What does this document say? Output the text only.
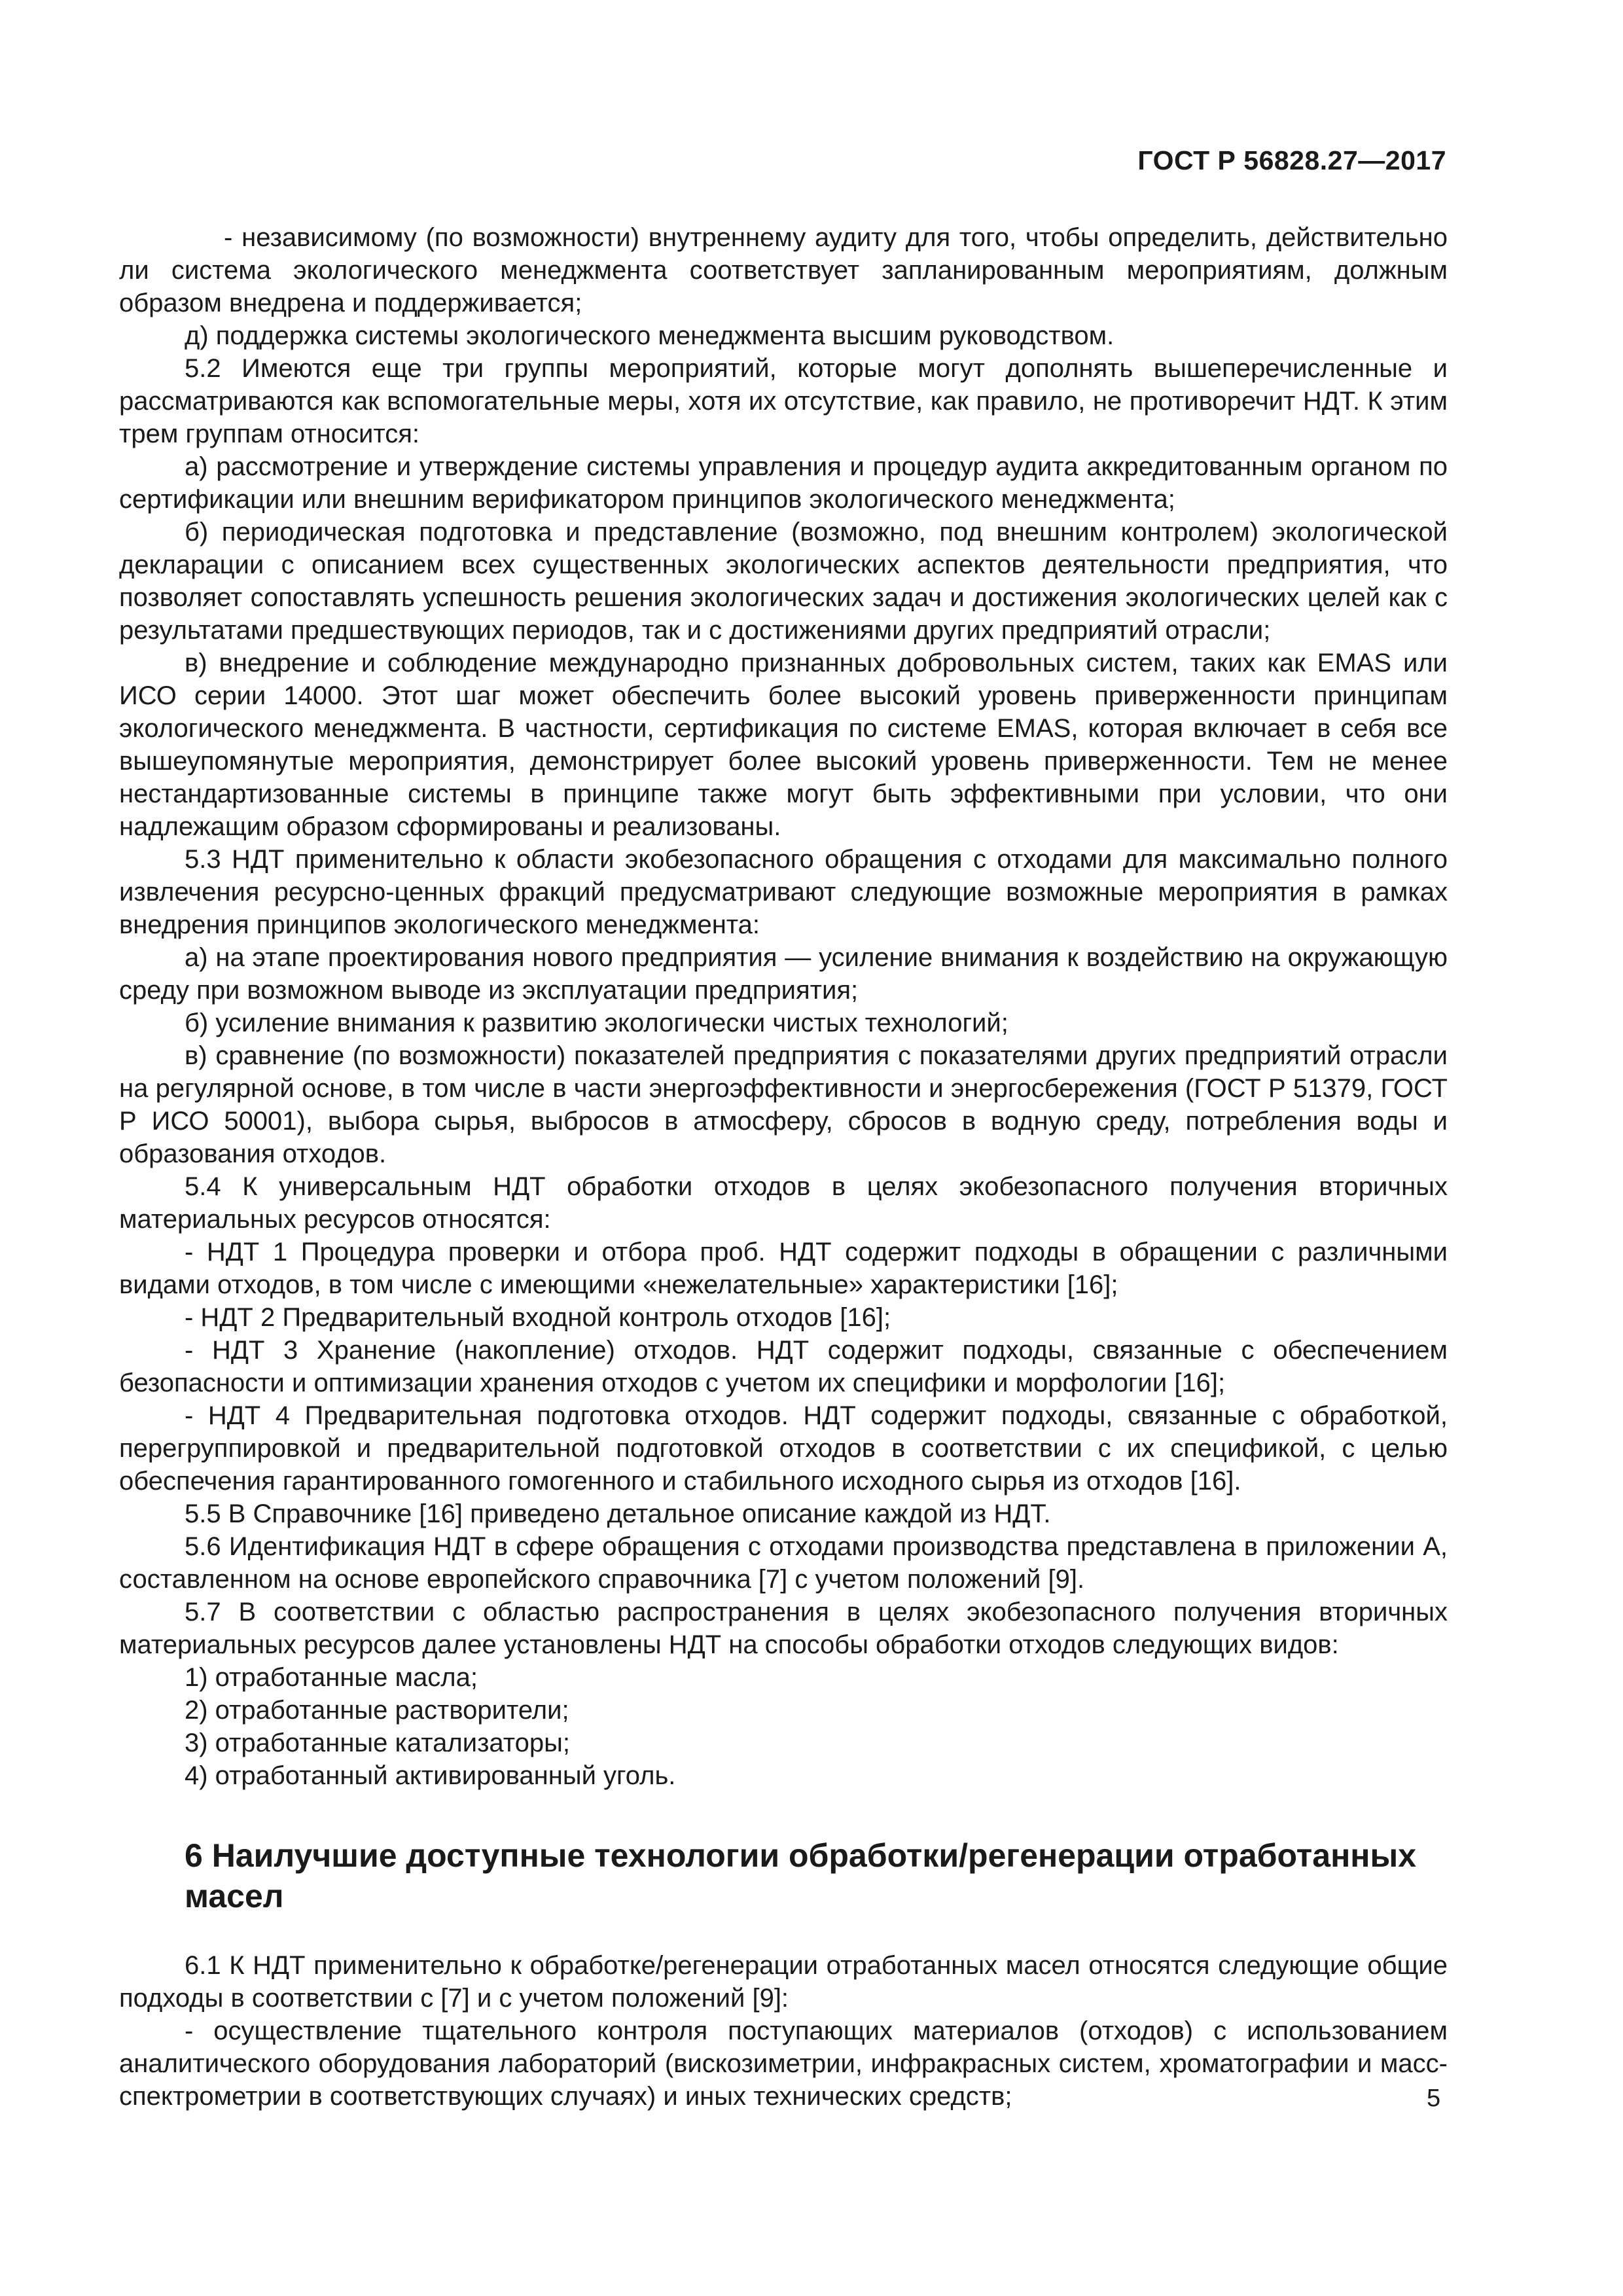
ГОСТ Р 56828.27—2017

- независимому (по возможности) внутреннему аудиту для того, чтобы определить, действительно ли система экологического менеджмента соответствует запланированным мероприятиям, должным образом внедрена и поддерживается;

д) поддержка системы экологического менеджмента высшим руководством.

5.2 Имеются еще три группы мероприятий, которые могут дополнять вышеперечисленные и рассматриваются как вспомогательные меры, хотя их отсутствие, как правило, не противоречит НДТ. К этим трем группам относится:

а) рассмотрение и утверждение системы управления и процедур аудита аккредитованным органом по сертификации или внешним верификатором принципов экологического менеджмента;

б) периодическая подготовка и представление (возможно, под внешним контролем) экологической декларации с описанием всех существенных экологических аспектов деятельности предприятия, что позволяет сопоставлять успешность решения экологических задач и достижения экологических целей как с результатами предшествующих периодов, так и с достижениями других предприятий отрасли;

в) внедрение и соблюдение международно признанных добровольных систем, таких как EMAS или ИСО серии 14000. Этот шаг может обеспечить более высокий уровень приверженности принципам экологического менеджмента. В частности, сертификация по системе EMAS, которая включает в себя все вышеупомянутые мероприятия, демонстрирует более высокий уровень приверженности. Тем не менее нестандартизованные системы в принципе также могут быть эффективными при условии, что они надлежащим образом сформированы и реализованы.

5.3 НДТ применительно к области экобезопасного обращения с отходами для максимально полного извлечения ресурсно-ценных фракций предусматривают следующие возможные мероприятия в рамках внедрения принципов экологического менеджмента:

а) на этапе проектирования нового предприятия — усиление внимания к воздействию на окружающую среду при возможном выводе из эксплуатации предприятия;

б) усиление внимания к развитию экологически чистых технологий;

в) сравнение (по возможности) показателей предприятия с показателями других предприятий отрасли на регулярной основе, в том числе в части энергоэффективности и энергосбережения (ГОСТ Р 51379, ГОСТ Р ИСО 50001), выбора сырья, выбросов в атмосферу, сбросов в водную среду, потребления воды и образования отходов.

5.4 К универсальным НДТ обработки отходов в целях экобезопасного получения вторичных материальных ресурсов относятся:

- НДТ 1 Процедура проверки и отбора проб. НДТ содержит подходы в обращении с различными видами отходов, в том числе с имеющими «нежелательные» характеристики [16];

- НДТ 2 Предварительный входной контроль отходов [16];

- НДТ 3 Хранение (накопление) отходов. НДТ содержит подходы, связанные с обеспечением безопасности и оптимизации хранения отходов с учетом их специфики и морфологии [16];

- НДТ 4 Предварительная подготовка отходов. НДТ содержит подходы, связанные с обработкой, перегруппировкой и предварительной подготовкой отходов в соответствии с их спецификой, с целью обеспечения гарантированного гомогенного и стабильного исходного сырья из отходов [16].

5.5 В Справочнике [16] приведено детальное описание каждой из НДТ.

5.6 Идентификация НДТ в сфере обращения с отходами производства представлена в приложении А, составленном на основе европейского справочника [7] с учетом положений [9].

5.7 В соответствии с областью распространения в целях экобезопасного получения вторичных материальных ресурсов далее установлены НДТ на способы обработки отходов следующих видов:

1) отработанные масла;

2) отработанные растворители;

3) отработанные катализаторы;

4) отработанный активированный уголь.

6 Наилучшие доступные технологии обработки/регенерации отработанных масел

6.1 К НДТ применительно к обработке/регенерации отработанных масел относятся следующие общие подходы в соответствии с [7] и с учетом положений [9]:

- осуществление тщательного контроля поступающих материалов (отходов) с использованием аналитического оборудования лабораторий (вискозиметрии, инфракрасных систем, хроматографии и масс-спектрометрии в соответствующих случаях) и иных технических средств;	5
